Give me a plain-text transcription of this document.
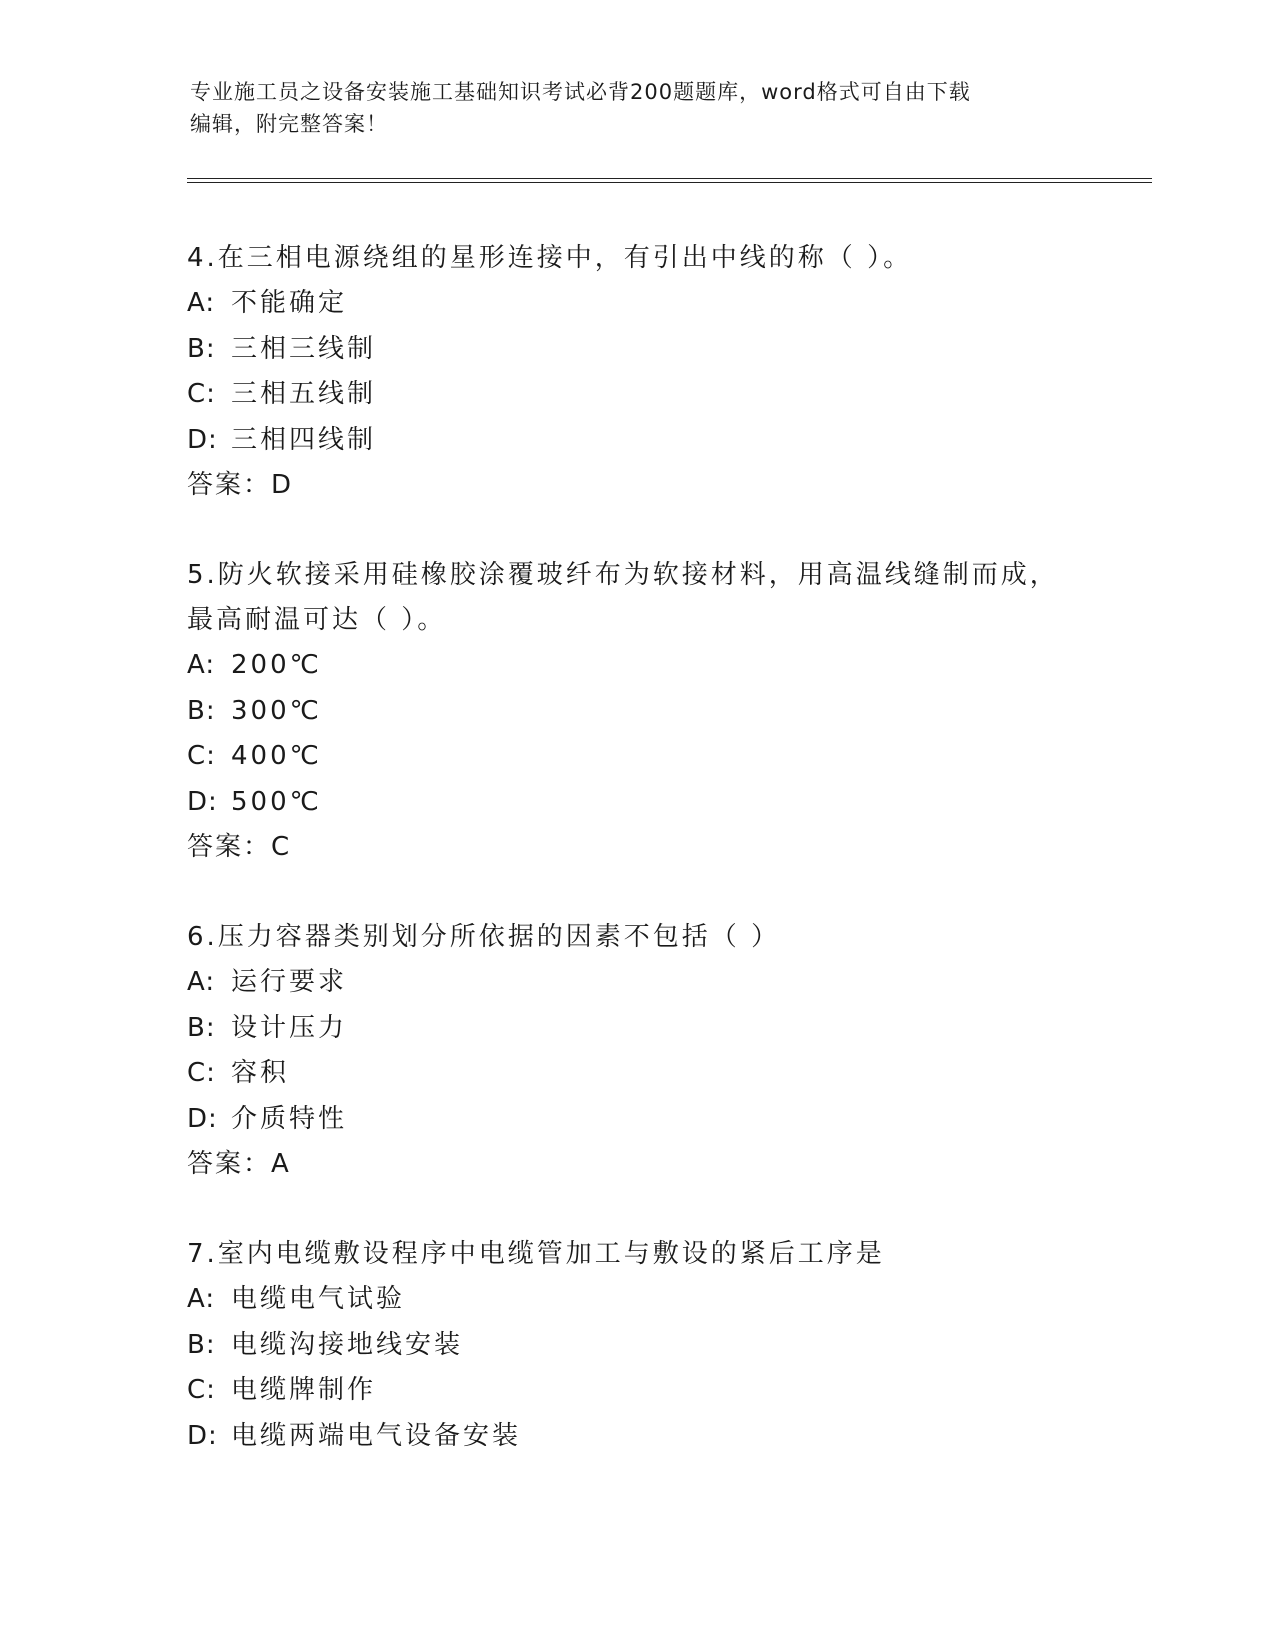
专业施工员之设备安装施工基础知识考试必背200题题库，word格式可自由下载
编辑，附完整答案！

4.在三相电源绕组的星形连接中，有引出中线的称（ ）。

A: 不能确定

B: 三相三线制

C: 三相五线制

D: 三相四线制

答案：D

5.防火软接采用硅橡胶涂覆玻纤布为软接材料，用高温线缝制而成，最高耐温可达（ ）。

A: 200℃

B: 300℃

C: 400℃

D: 500℃

答案：C

6.压力容器类别划分所依据的因素不包括（ ）

A: 运行要求

B: 设计压力

C: 容积

D: 介质特性

答案：A

7.室内电缆敷设程序中电缆管加工与敷设的紧后工序是

A: 电缆电气试验

B: 电缆沟接地线安装

C: 电缆牌制作

D: 电缆两端电气设备安装
